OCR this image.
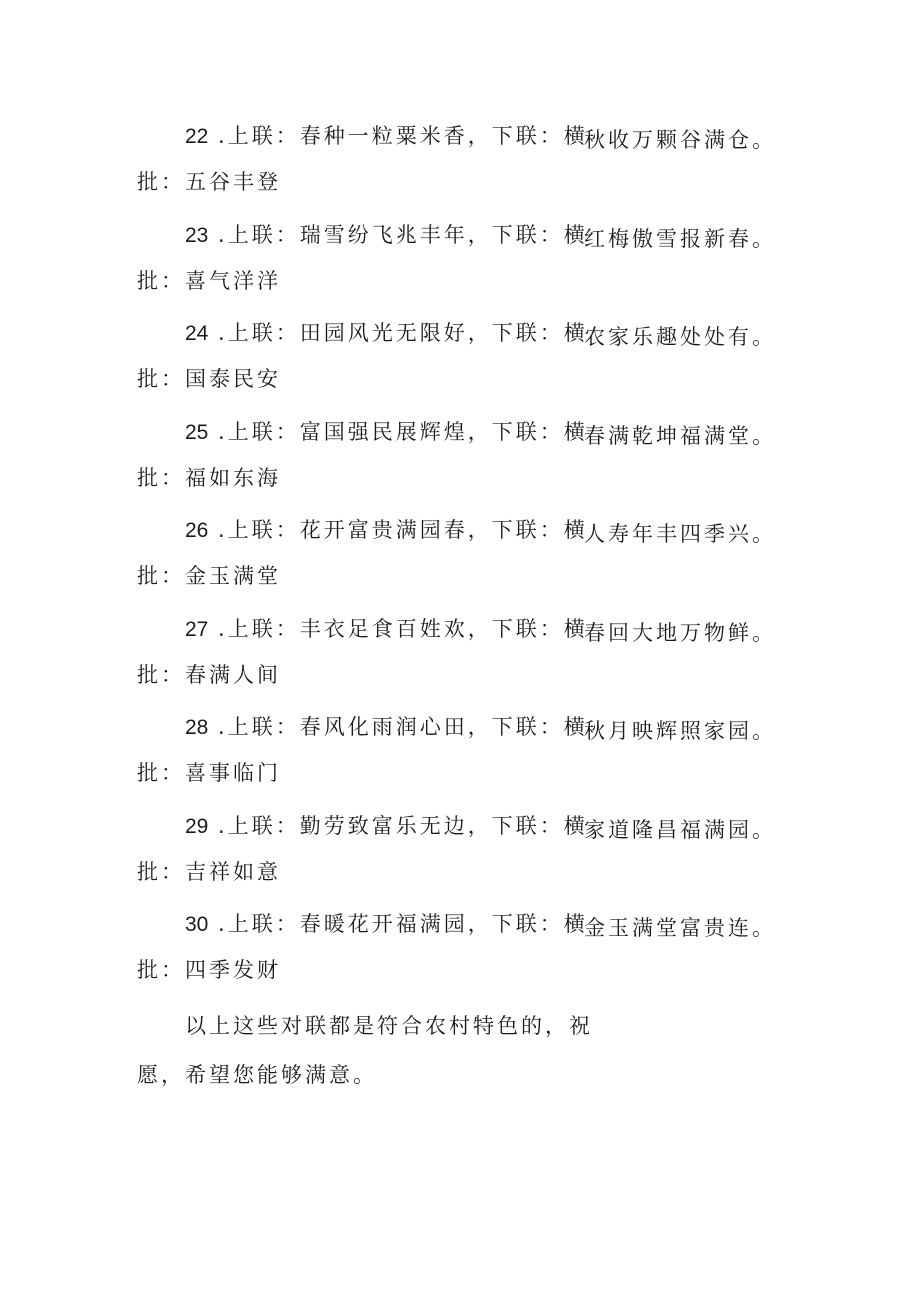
22 .上联：春种一粒粟米香，下联：横
秋收万颗谷满仓。
批：五谷丰登
23 .上联：瑞雪纷飞兆丰年，下联：横
红梅傲雪报新春。
批：喜气洋洋
24 .上联：田园风光无限好，下联：横
农家乐趣处处有。
批：国泰民安
25 .上联：富国强民展辉煌，下联：横
春满乾坤福满堂。
批：福如东海
26 .上联：花开富贵满园春，下联：横
人寿年丰四季兴。
批：金玉满堂
27 .上联：丰衣足食百姓欢，下联：横
春回大地万物鲜。
批：春满人间
28 .上联：春风化雨润心田，下联：横
秋月映辉照家园。
批：喜事临门
29 .上联：勤劳致富乐无边，下联：横
家道隆昌福满园。
批：吉祥如意
30 .上联：春暖花开福满园，下联：横
金玉满堂富贵连。
批：四季发财
以上这些对联都是符合农村特色的，祝
愿，希望您能够满意。
